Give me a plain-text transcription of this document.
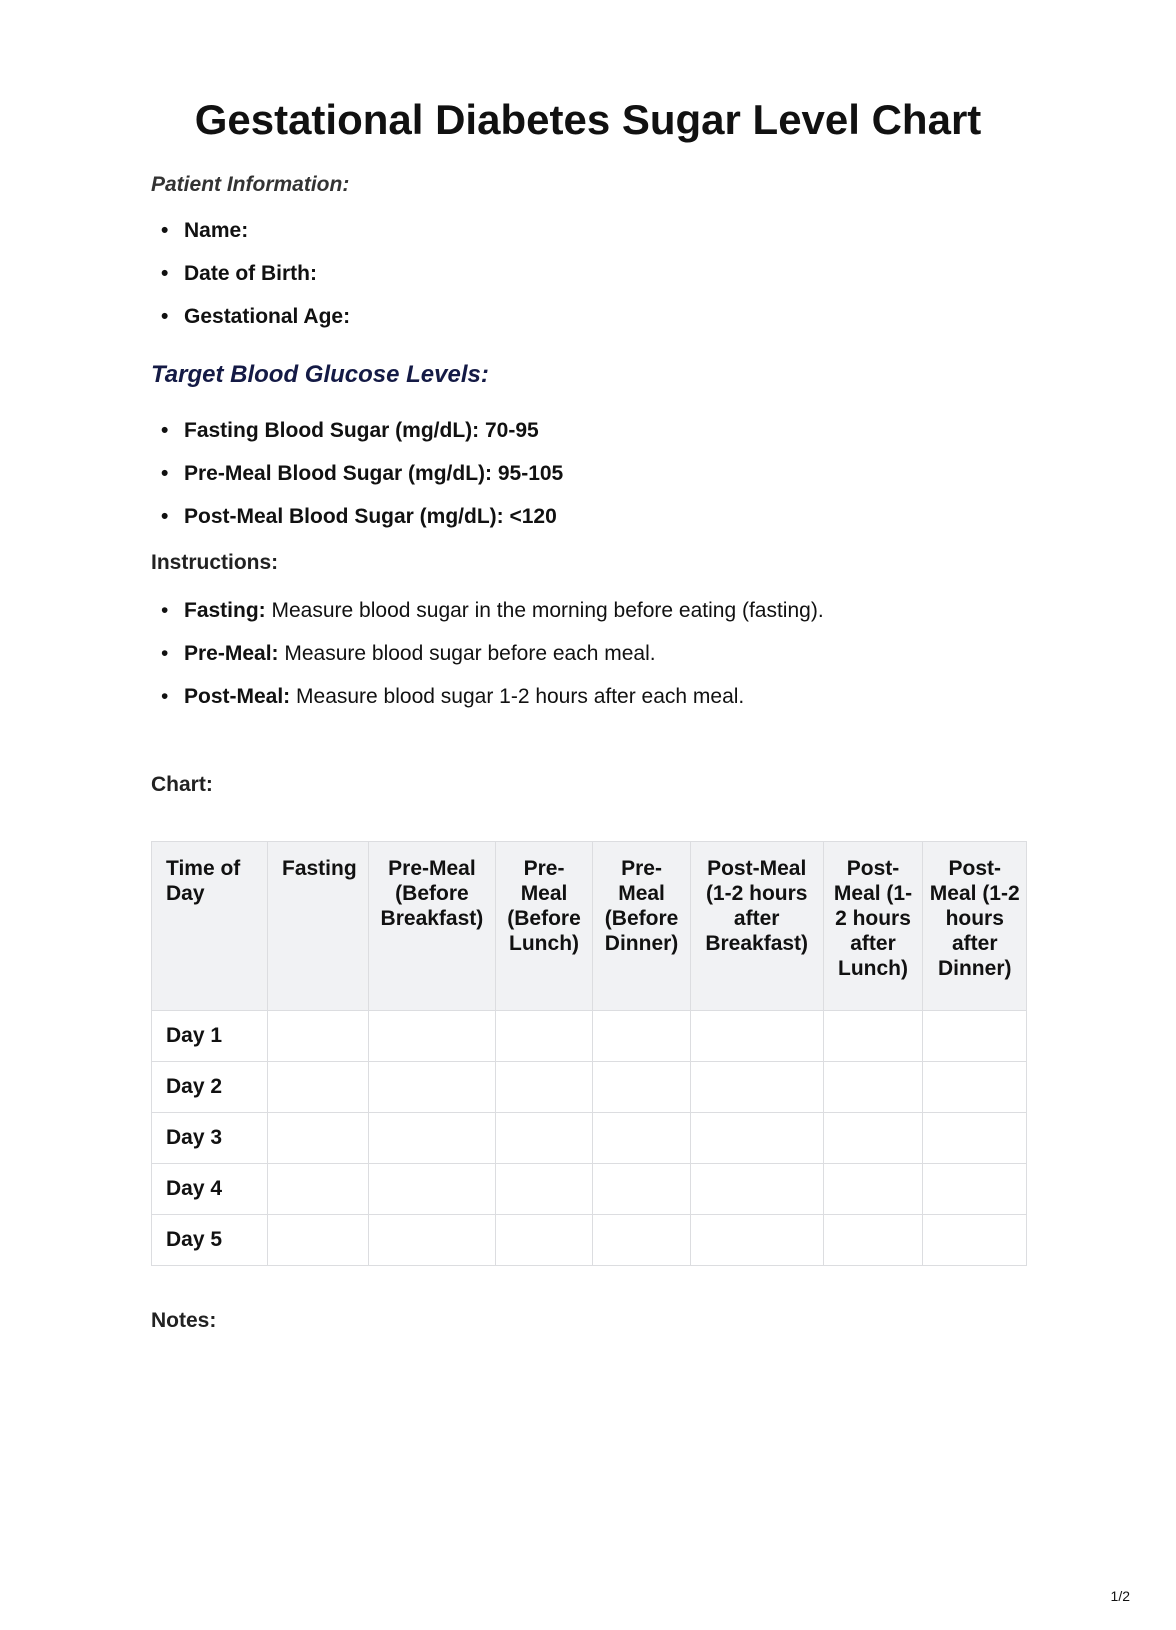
Gestational Diabetes Sugar Level Chart
Patient Information:
• Name:
• Date of Birth:
• Gestational Age:
Target Blood Glucose Levels:
• Fasting Blood Sugar (mg/dL): 70-95
• Pre-Meal Blood Sugar (mg/dL): 95-105
• Post-Meal Blood Sugar (mg/dL): <120
Instructions:
• Fasting: Measure blood sugar in the morning before eating (fasting).
• Pre-Meal: Measure blood sugar before each meal.
• Post-Meal: Measure blood sugar 1-2 hours after each meal.
Chart:
Time of Day	Fasting	Pre-Meal (Before Breakfast)	Pre-Meal (Before Lunch)	Pre-Meal (Before Dinner)	Post-Meal (1-2 hours after Breakfast)	Post-Meal (1-2 hours after Lunch)	Post-Meal (1-2 hours after Dinner)
Day 1							
Day 2							
Day 3							
Day 4							
Day 5							
Notes:
1/2
